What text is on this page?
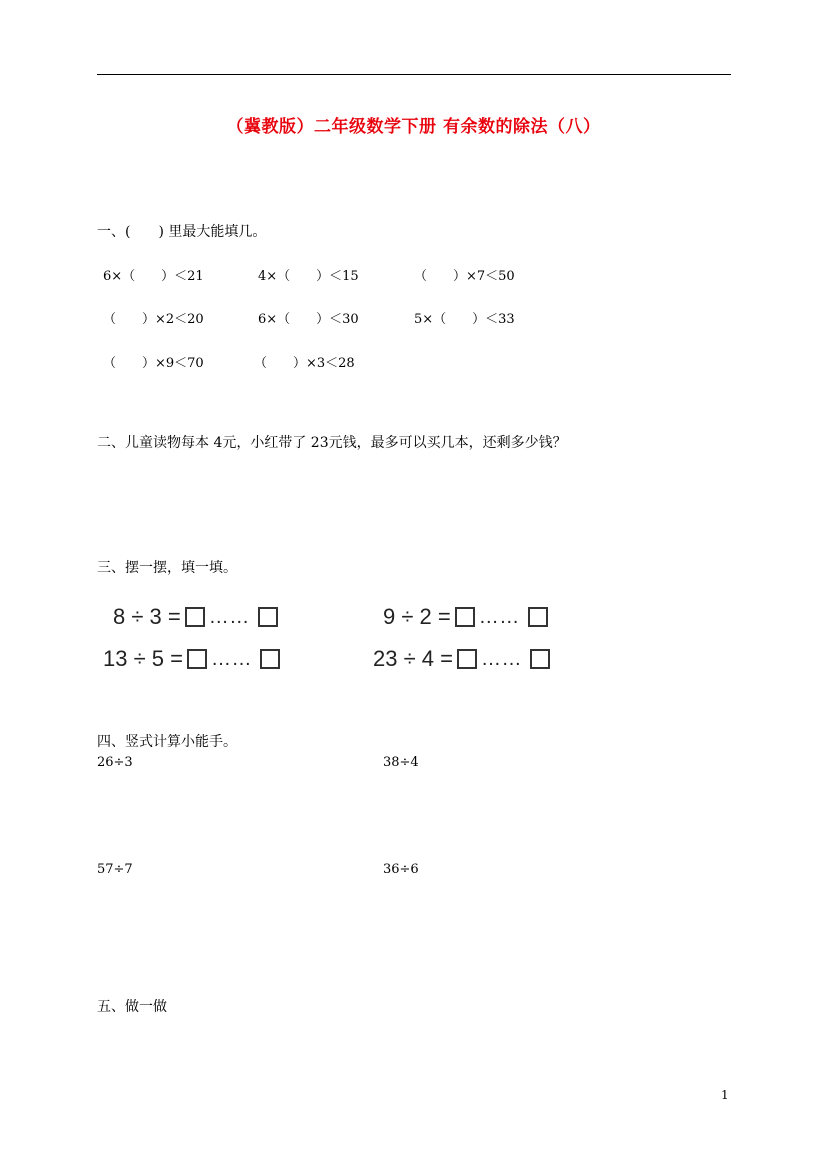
（冀教版）二年级数学下册 有余数的除法（八）
一、(　　) 里最大能填几。
6×（　　）＜21	4×（　　）＜15	（　　）×7＜50
（　　）×2＜20	6×（　　）＜30	5×（　　）＜33
（　　）×9＜70	（　　）×3＜28
二、儿童读物每本 4元，小红带了 23元钱，最多可以买几本，还剩多少钱？
三、摆一摆，填一填。
8 ÷ 3 = ……	9 ÷ 2 = ……
13 ÷ 5 = ……	23 ÷ 4 = ……
四、竖式计算小能手。
26÷3	38÷4
57÷7	36÷6
五、做一做
1
